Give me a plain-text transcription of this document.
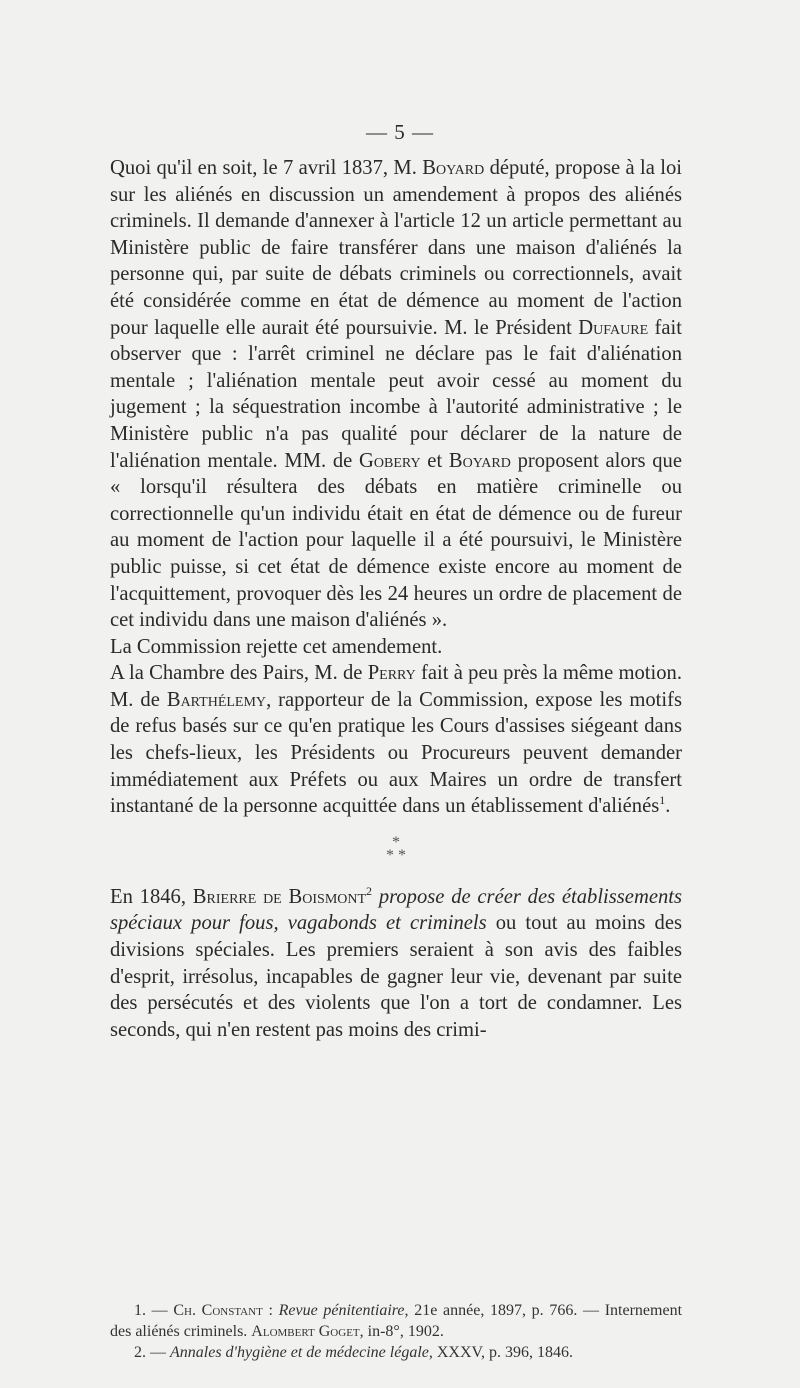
— 5 —

Quoi qu'il en soit, le 7 avril 1837, M. Boyard député, propose à la loi sur les aliénés en discussion un amendement à propos des aliénés criminels. Il demande d'annexer à l'article 12 un article permettant au Ministère public de faire transférer dans une maison d'aliénés la personne qui, par suite de débats criminels ou correctionnels, avait été considérée comme en état de démence au moment de l'action pour laquelle elle aurait été poursuivie. M. le Président Dufaure fait observer que : l'arrêt criminel ne déclare pas le fait d'aliénation mentale ; l'aliénation mentale peut avoir cessé au moment du jugement ; la séquestration incombe à l'autorité administrative ; le Ministère public n'a pas qualité pour déclarer de la nature de l'aliénation mentale. MM. de Gobery et Boyard proposent alors que « lorsqu'il résultera des débats en matière criminelle ou correctionnelle qu'un individu était en état de démence ou de fureur au moment de l'action pour laquelle il a été poursuivi, le Ministère public puisse, si cet état de démence existe encore au moment de l'acquittement, provoquer dès les 24 heures un ordre de placement de cet individu dans une maison d'aliénés ».

La Commission rejette cet amendement.

A la Chambre des Pairs, M. de Perry fait à peu près la même motion. M. de Barthélemy, rapporteur de la Commission, expose les motifs de refus basés sur ce qu'en pratique les Cours d'assises siégeant dans les chefs-lieux, les Présidents ou Procureurs peuvent demander immédiatement aux Préfets ou aux Maires un ordre de transfert instantané de la personne acquittée dans un établissement d'aliénés$^1$.

*
* *

En 1846, Brierre de Boismont$^2$ propose de créer des établissements spéciaux pour fous, vagabonds et criminels ou tout au moins des divisions spéciales. Les premiers seraient à son avis des faibles d'esprit, irrésolus, incapables de gagner leur vie, devenant par suite des persécutés et des violents que l'on a tort de condamner. Les seconds, qui n'en restent pas moins des crimi-

1. — Ch. Constant : Revue pénitentiaire, 21e année, 1897, p. 766. — Internement des aliénés criminels. Alombert Goget, in-8°, 1902.

2. — Annales d'hygiène et de médecine légale, XXXV, p. 396, 1846.
